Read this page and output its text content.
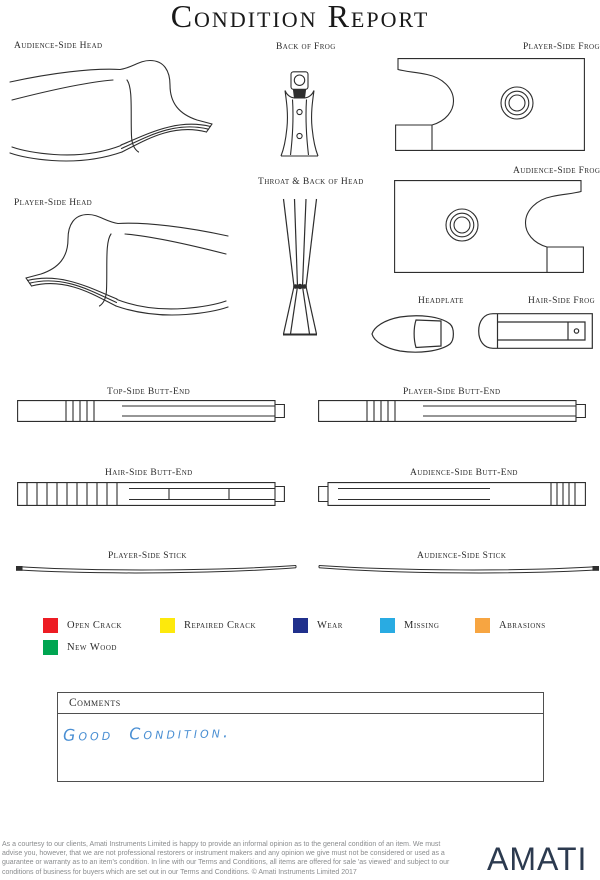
Condition Report
Audience-Side Head	Back of Frog	Player-Side Frog
Audience-Side Frog
Player-Side Head
Throat & Back of Head
Headplate	Hair-Side Frog
Top-Side Butt-End	Player-Side Butt-End
Hair-Side Butt-End	Audience-Side Butt-End
Player-Side Stick	Audience-Side Stick
Open Crack	Repaired Crack	Wear	Missing	Abrasions
New Wood
Comments
Good Condition.
As a courtesy to our clients, Amati Instruments Limited is happy to provide an informal opinion as to the general condition of an item. We must advise you, however, that we are not professional restorers or instrument makers and any opinion we give must not be considered or used as a guarantee or warranty as to an item's condition. In line with our Terms and Conditions, all items are offered for sale 'as viewed' and subject to our conditions of business for buyers which are set out in our Terms and Conditions. © Amati Instruments Limited 2017	AMATI
